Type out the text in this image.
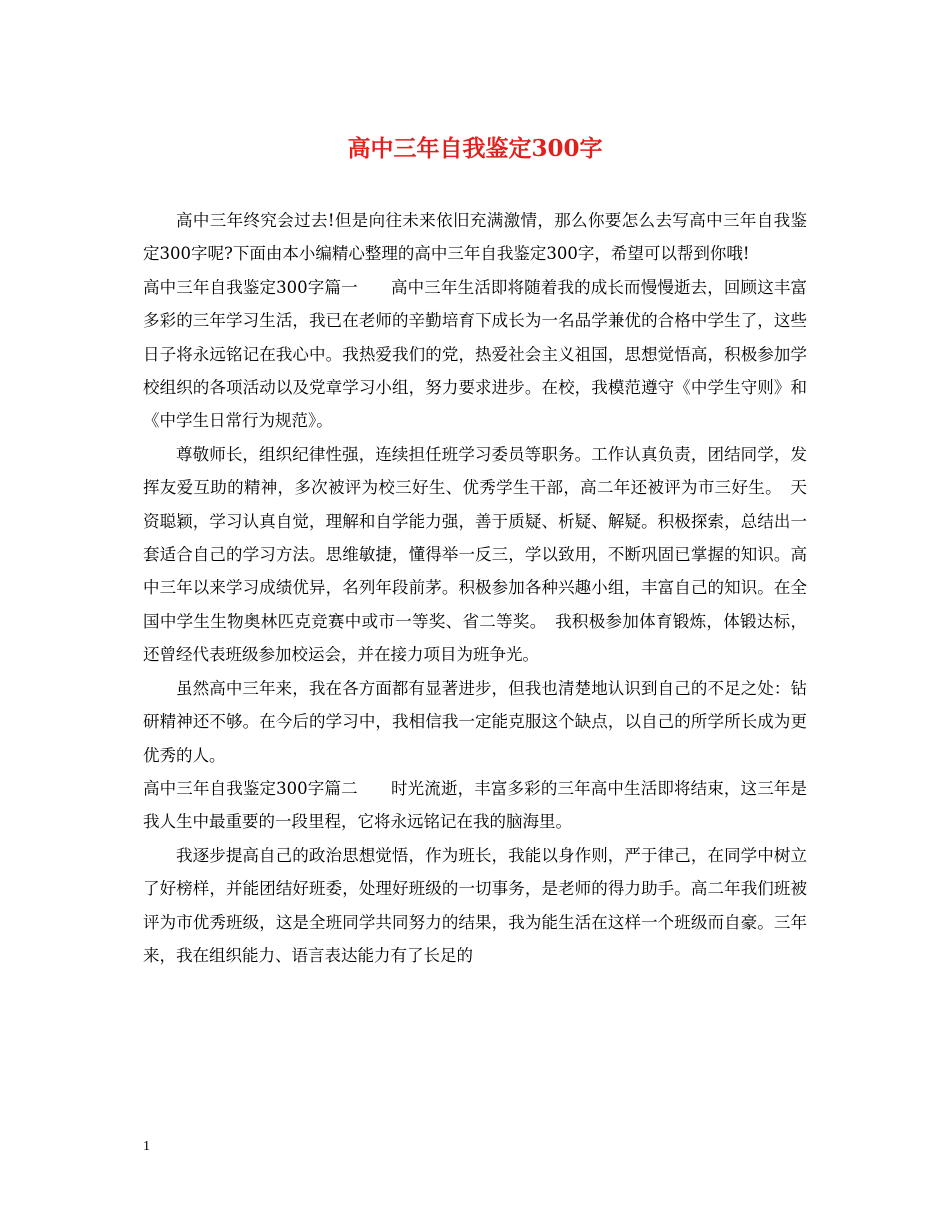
高中三年自我鉴定300字

高中三年终究会过去!但是向往未来依旧充满激情，那么你要怎么去写高中三年自我鉴定300字呢?下面由本小编精心整理的高中三年自我鉴定300字，希望可以帮到你哦!

高中三年自我鉴定300字篇一　　高中三年生活即将随着我的成长而慢慢逝去，回顾这丰富多彩的三年学习生活，我已在老师的辛勤培育下成长为一名品学兼优的合格中学生了，这些日子将永远铭记在我心中。我热爱我们的党，热爱社会主义祖国，思想觉悟高，积极参加学校组织的各项活动以及党章学习小组，努力要求进步。在校，我模范遵守《中学生守则》和《中学生日常行为规范》。

尊敬师长，组织纪律性强，连续担任班学习委员等职务。工作认真负责，团结同学，发挥友爱互助的精神，多次被评为校三好生、优秀学生干部，高二年还被评为市三好生。　天资聪颖，学习认真自觉，理解和自学能力强，善于质疑、析疑、解疑。积极探索，总结出一套适合自己的学习方法。思维敏捷，懂得举一反三，学以致用，不断巩固已掌握的知识。高中三年以来学习成绩优异，名列年段前茅。积极参加各种兴趣小组，丰富自己的知识。在全国中学生生物奥林匹克竞赛中或市一等奖、省二等奖。　我积极参加体育锻炼，体锻达标，还曾经代表班级参加校运会，并在接力项目为班争光。

虽然高中三年来，我在各方面都有显著进步，但我也清楚地认识到自己的不足之处：钻研精神还不够。在今后的学习中，我相信我一定能克服这个缺点，以自己的所学所长成为更优秀的人。

高中三年自我鉴定300字篇二　　时光流逝，丰富多彩的三年高中生活即将结束，这三年是我人生中最重要的一段里程，它将永远铭记在我的脑海里。

我逐步提高自己的政治思想觉悟，作为班长，我能以身作则，严于律己，在同学中树立了好榜样，并能团结好班委，处理好班级的一切事务，是老师的得力助手。高二年我们班被评为市优秀班级，这是全班同学共同努力的结果，我为能生活在这样一个班级而自豪。三年来，我在组织能力、语言表达能力有了长足的

1
